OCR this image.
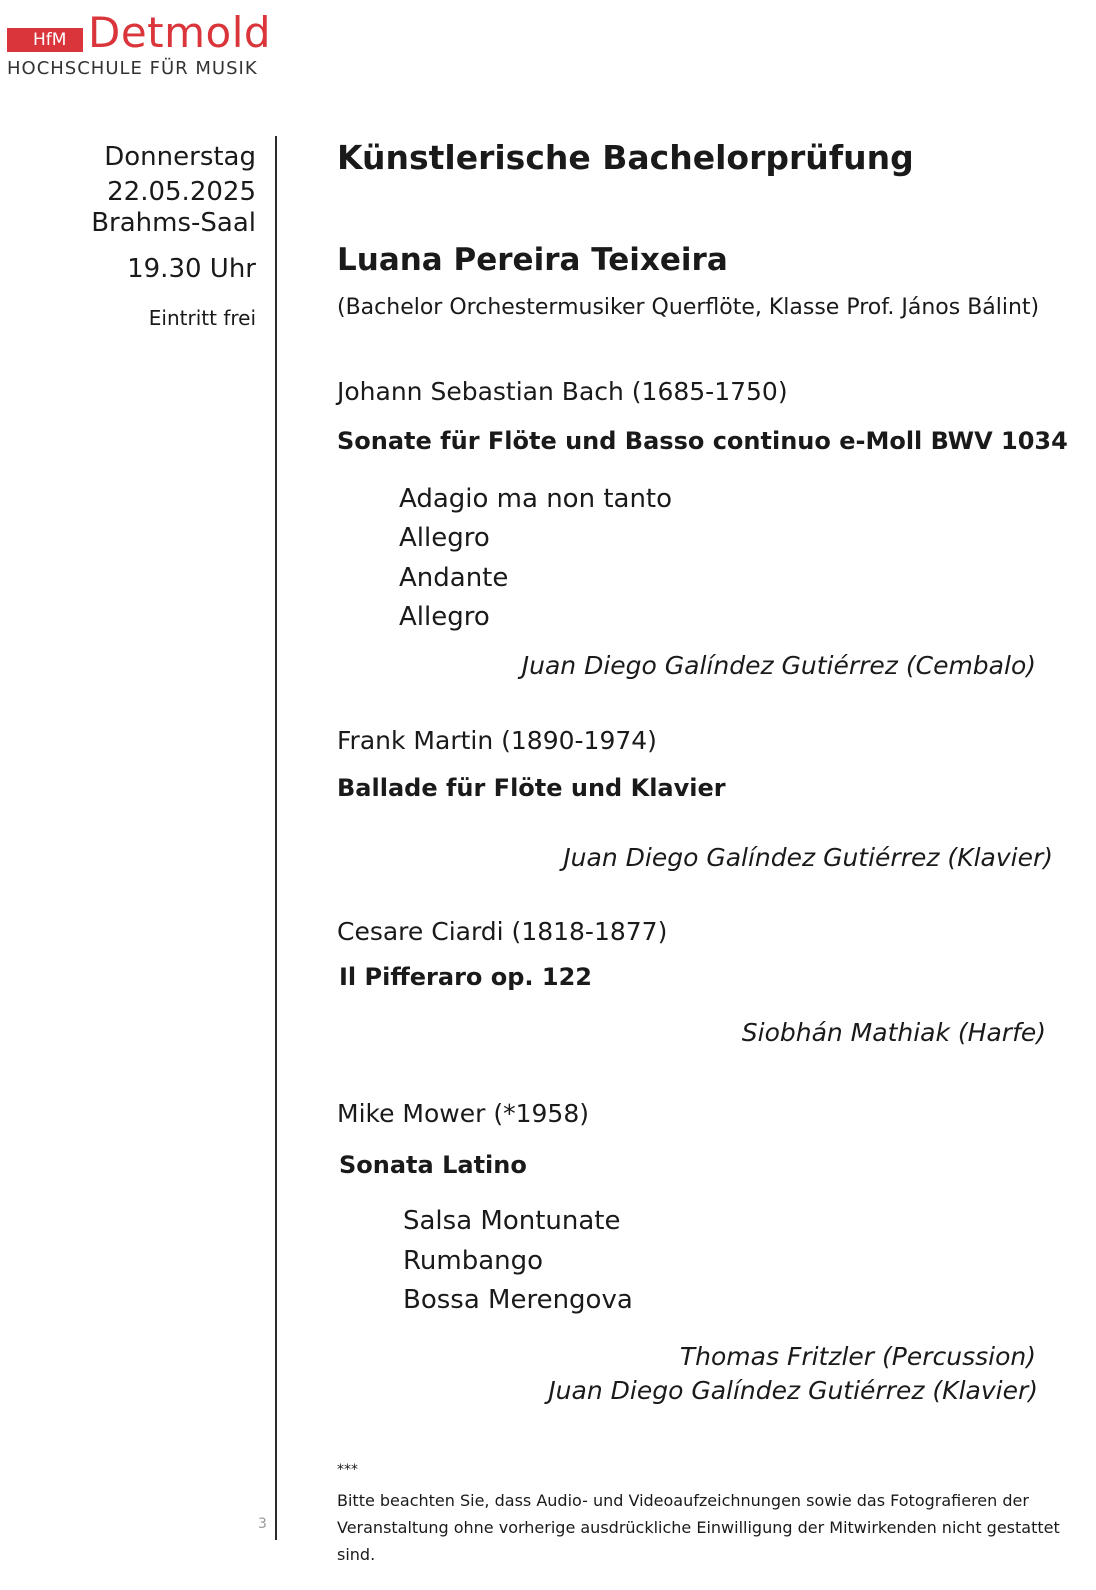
HfM Detmold
HOCHSCHULE FÜR MUSIK
Donnerstag
22.05.2025
Brahms-Saal
19.30 Uhr
Eintritt frei
Künstlerische Bachelorprüfung
Luana Pereira Teixeira
(Bachelor Orchestermusiker Querflöte, Klasse Prof. János Bálint)
Johann Sebastian Bach (1685-1750)
Sonate für Flöte und Basso continuo e-Moll BWV 1034
Adagio ma non tanto
Allegro
Andante
Allegro
Juan Diego Galíndez Gutiérrez (Cembalo)
Frank Martin (1890-1974)
Ballade für Flöte und Klavier
Juan Diego Galíndez Gutiérrez (Klavier)
Cesare Ciardi (1818-1877)
Il Pifferaro op. 122
Siobhán Mathiak (Harfe)
Mike Mower (*1958)
Sonata Latino
Salsa Montunate
Rumbango
Bossa Merengova
Thomas Fritzler (Percussion)
Juan Diego Galíndez Gutiérrez (Klavier)
***
Bitte beachten Sie, dass Audio- und Videoaufzeichnungen sowie das Fotografieren der Veranstaltung ohne vorherige ausdrückliche Einwilligung der Mitwirkenden nicht gestattet sind.
3
